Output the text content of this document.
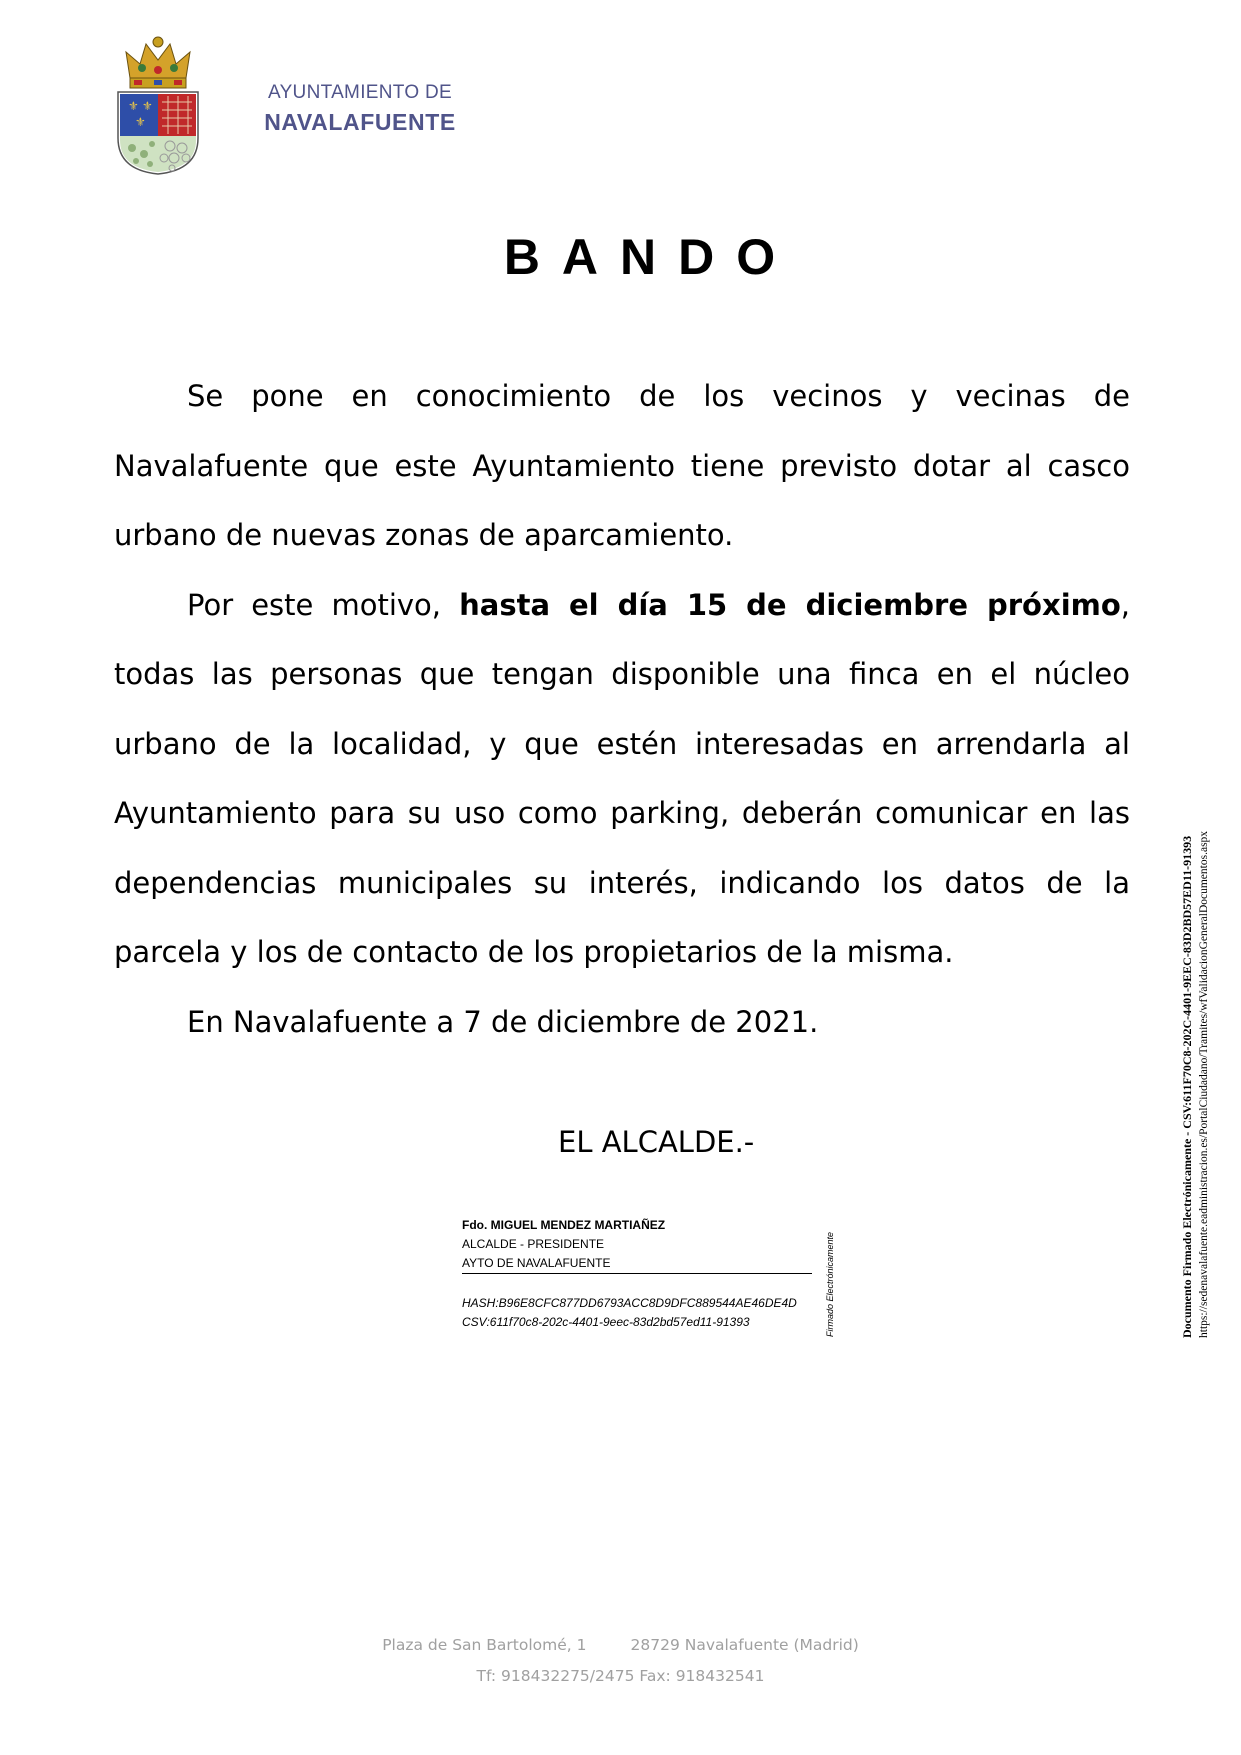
⚜ ⚜
⚜
AYUNTAMIENTO DE
NAVALAFUENTE
BANDO

Se pone en conocimiento de los vecinos y vecinas de Navalafuente que este Ayuntamiento tiene previsto dotar al casco urbano de nuevas zonas de aparcamiento.

Por este motivo, hasta el día 15 de diciembre próximo, todas las personas que tengan disponible una finca en el núcleo urbano de la localidad, y que estén interesadas en arrendarla al Ayuntamiento para su uso como parking, deberán comunicar en las dependencias municipales su interés, indicando los datos de la parcela y los de contacto de los propietarios de la misma.

En Navalafuente a 7 de diciembre de 2021.

EL ALCALDE.-
Fdo. MIGUEL MENDEZ MARTIAÑEZ
ALCALDE - PRESIDENTE
AYTO DE NAVALAFUENTE
HASH:B96E8CFC877DD6793ACC8D9DFC889544AE46DE4D
CSV:611f70c8-202c-4401-9eec-83d2bd57ed11-91393	Firmado Electrónicamente	Documento Firmado Electrónicamente - CSV:611F70C8-202C-4401-9EEC-83D2BD57ED11-91393 https://sedenavalafuente.eadministracion.es/PortalCiudadano/Tramites/wfValidacionGeneralDocumentos.aspx
Plaza de San Bartolomé, 1	28729 Navalafuente (Madrid)
Tf: 918432275/2475 Fax: 918432541
